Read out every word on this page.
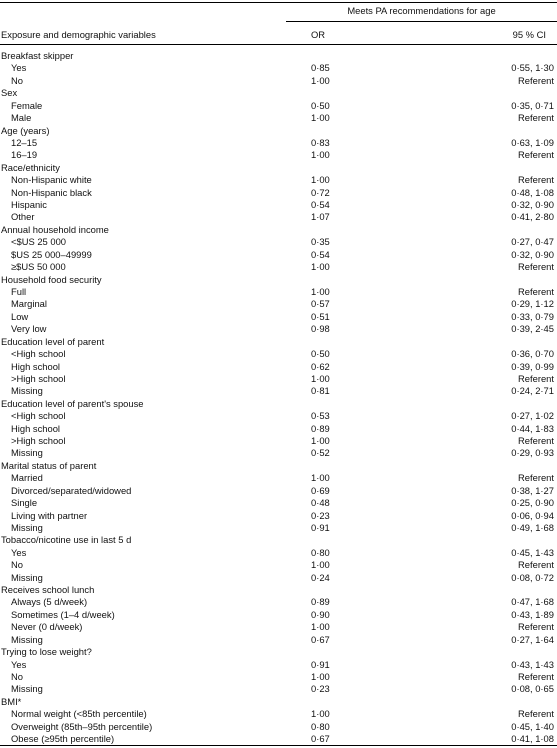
Meets PA recommendations for age
Exposure and demographic variables	OR	95 % CI
Breakfast skipper
Yes	0·85	0·55, 1·30
No	1·00	Referent
Sex
Female	0·50	0·35, 0·71
Male	1·00	Referent
Age (years)
12–15	0·83	0·63, 1·09
16–19	1·00	Referent
Race/ethnicity
Non-Hispanic white	1·00	Referent
Non-Hispanic black	0·72	0·48, 1·08
Hispanic	0·54	0·32, 0·90
Other	1·07	0·41, 2·80
Annual household income
<$US 25 000	0·35	0·27, 0·47
$US 25 000–49999	0·54	0·32, 0·90
≥$US 50 000	1·00	Referent
Household food security
Full	1·00	Referent
Marginal	0·57	0·29, 1·12
Low	0·51	0·33, 0·79
Very low	0·98	0·39, 2·45
Education level of parent
<High school	0·50	0·36, 0·70
High school	0·62	0·39, 0·99
>High school	1·00	Referent
Missing	0·81	0·24, 2·71
Education level of parent's spouse
<High school	0·53	0·27, 1·02
High school	0·89	0·44, 1·83
>High school	1·00	Referent
Missing	0·52	0·29, 0·93
Marital status of parent
Married	1·00	Referent
Divorced/separated/widowed	0·69	0·38, 1·27
Single	0·48	0·25, 0·90
Living with partner	0·23	0·06, 0·94
Missing	0·91	0·49, 1·68
Tobacco/nicotine use in last 5 d
Yes	0·80	0·45, 1·43
No	1·00	Referent
Missing	0·24	0·08, 0·72
Receives school lunch
Always (5 d/week)	0·89	0·47, 1·68
Sometimes (1–4 d/week)	0·90	0·43, 1·89
Never (0 d/week)	1·00	Referent
Missing	0·67	0·27, 1·64
Trying to lose weight?
Yes	0·91	0·43, 1·43
No	1·00	Referent
Missing	0·23	0·08, 0·65
BMI*
Normal weight (<85th percentile)	1·00	Referent
Overweight (85th–95th percentile)	0·80	0·45, 1·40
Obese (≥95th percentile)	0·67	0·41, 1·08
